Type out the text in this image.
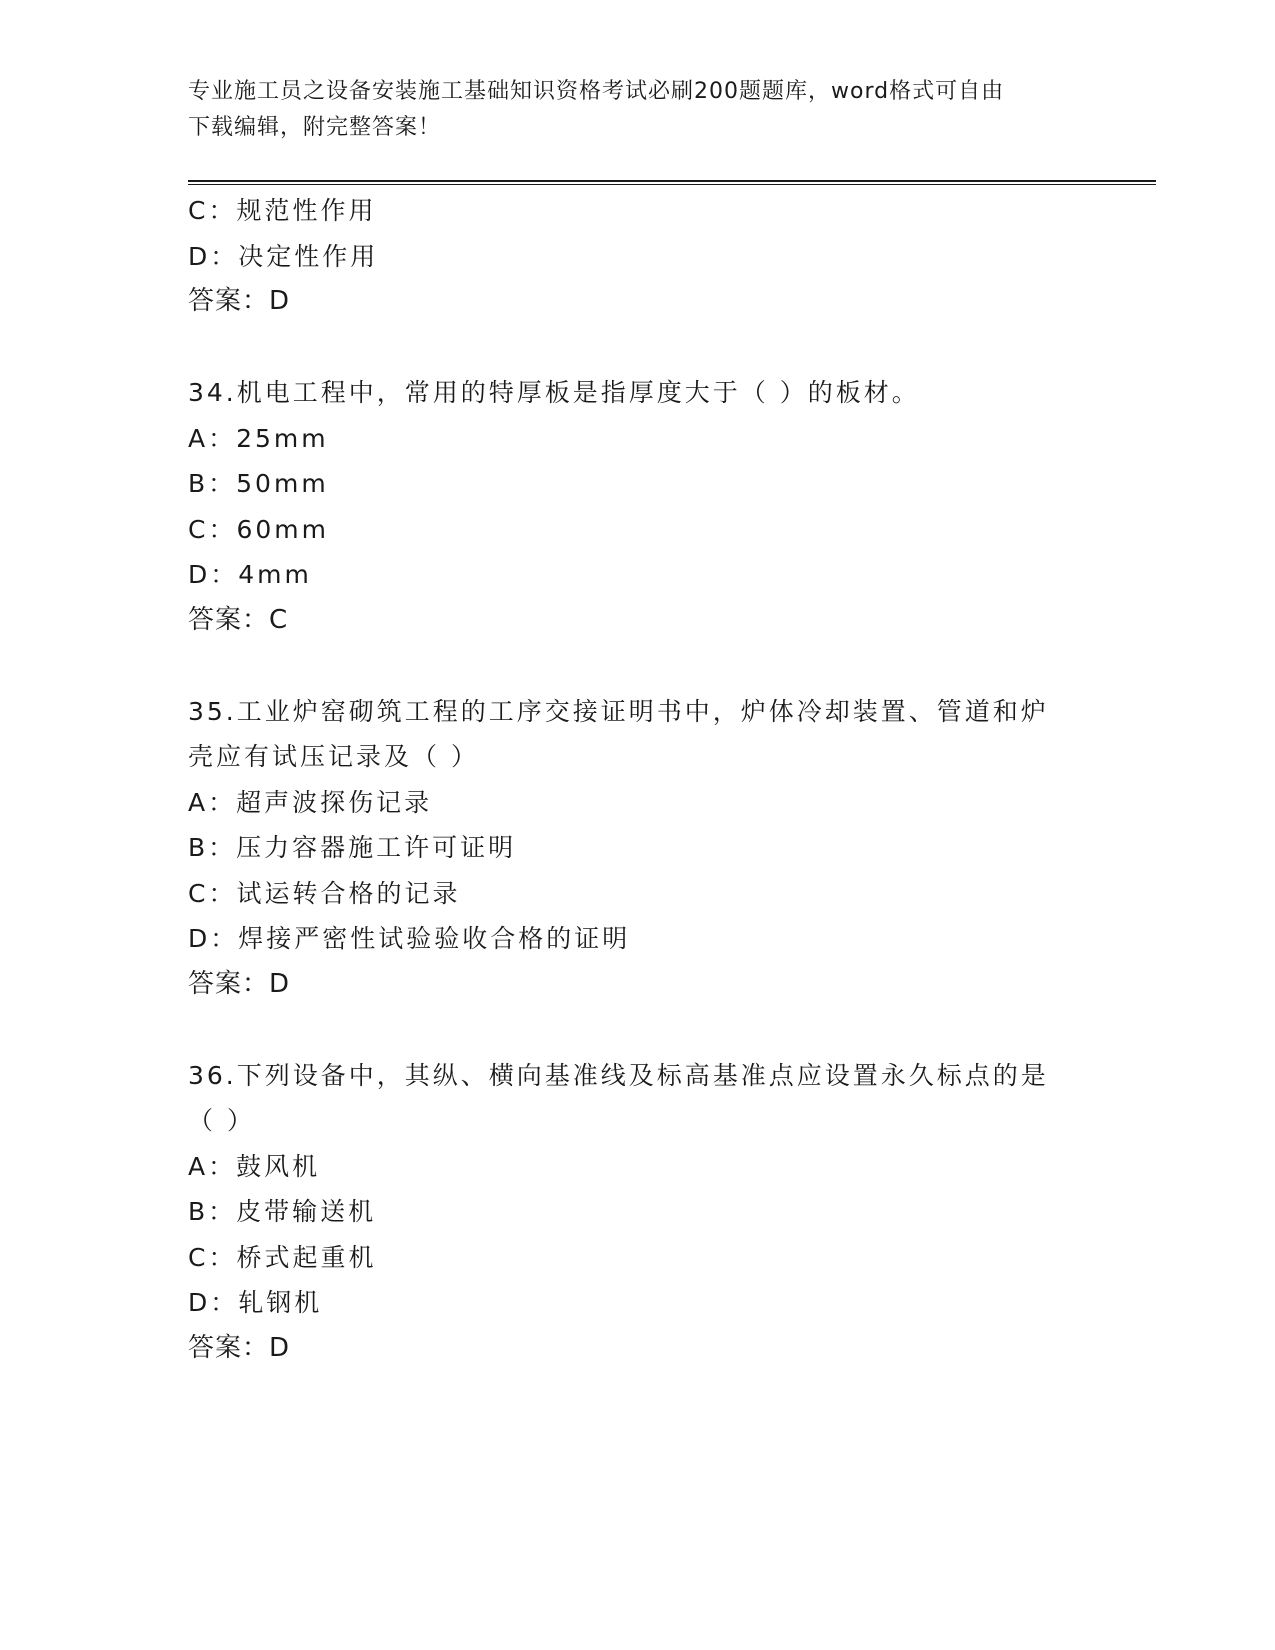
专业施工员之设备安装施工基础知识资格考试必刷200题题库，word格式可自由
下载编辑，附完整答案！
C：规范性作用
D：决定性作用
答案：D
34.机电工程中，常用的特厚板是指厚度大于（ ）的板材。
A：25mm
B：50mm
C：60mm
D：4mm
答案：C
35.工业炉窑砌筑工程的工序交接证明书中，炉体冷却装置、管道和炉
壳应有试压记录及（ ）
A：超声波探伤记录
B：压力容器施工许可证明
C：试运转合格的记录
D：焊接严密性试验验收合格的证明
答案：D
36.下列设备中，其纵、横向基准线及标高基准点应设置永久标点的是
（ ）
A：鼓风机
B：皮带输送机
C：桥式起重机
D：轧钢机
答案：D
